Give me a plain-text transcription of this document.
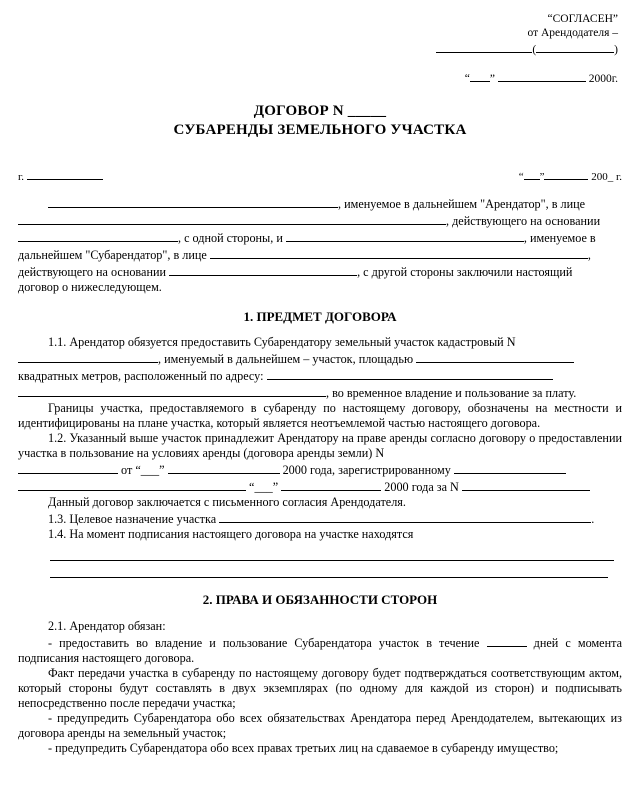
“СОГЛАСЕН”
от Арендодателя –
(	)
“ ”	2000г.
ДОГОВОР N _____
СУБАРЕНДЫ ЗЕМЕЛЬНОГО УЧАСТКА
г.	“ ”	200_ г.

, именуемое в дальнейшем "Арендатор", в лице

, действующего на основании

, с одной стороны, и	, именуемое в

дальнейшем "Субарендатор", в лице	,

действующего на основании	, с другой стороны заключили настоящий

договор о нижеследующем.

1. ПРЕДМЕТ ДОГОВОРА

1.1. Арендатор обязуется предоставить Субарендатору земельный участок кадастровый N

, именуемый в дальнейшем – участок, площадью

квадратных метров, расположенный по адресу:

, во временное владение и пользование за плату.

Границы участка, предоставляемого в субаренду по настоящему договору, обозначены на местности и идентифицированы на плане участка, который является неотъемлемой частью настоящего договора.

1.2. Указанный выше участок принадлежит Арендатору на праве аренды согласно договору о предоставлении участка в пользование на условиях аренды (договора аренды земли) N

от “___”	2000 года, зарегистрированному

“___”	2000 года за N

Данный договор заключается с письменного согласия Арендодателя.

1.3. Целевое назначение участка	.

1.4. На момент подписания настоящего договора на участке находятся

2. ПРАВА И ОБЯЗАННОСТИ СТОРОН

2.1. Арендатор обязан:

- предоставить во владение и пользование Субарендатора участок в течение	дней с момента подписания настоящего договора.

Факт передачи участка в субаренду по настоящему договору будет подтверждаться соответствующим актом, который стороны будут составлять в двух экземплярах (по одному для каждой из сторон) и подписывать непосредственно после передачи участка;

- предупредить Субарендатора обо всех обязательствах Арендатора перед Арендодателем, вытекающих из договора аренды на земельный участок;

- предупредить Субарендатора обо всех правах третьих лиц на сдаваемое в субаренду имущество;
